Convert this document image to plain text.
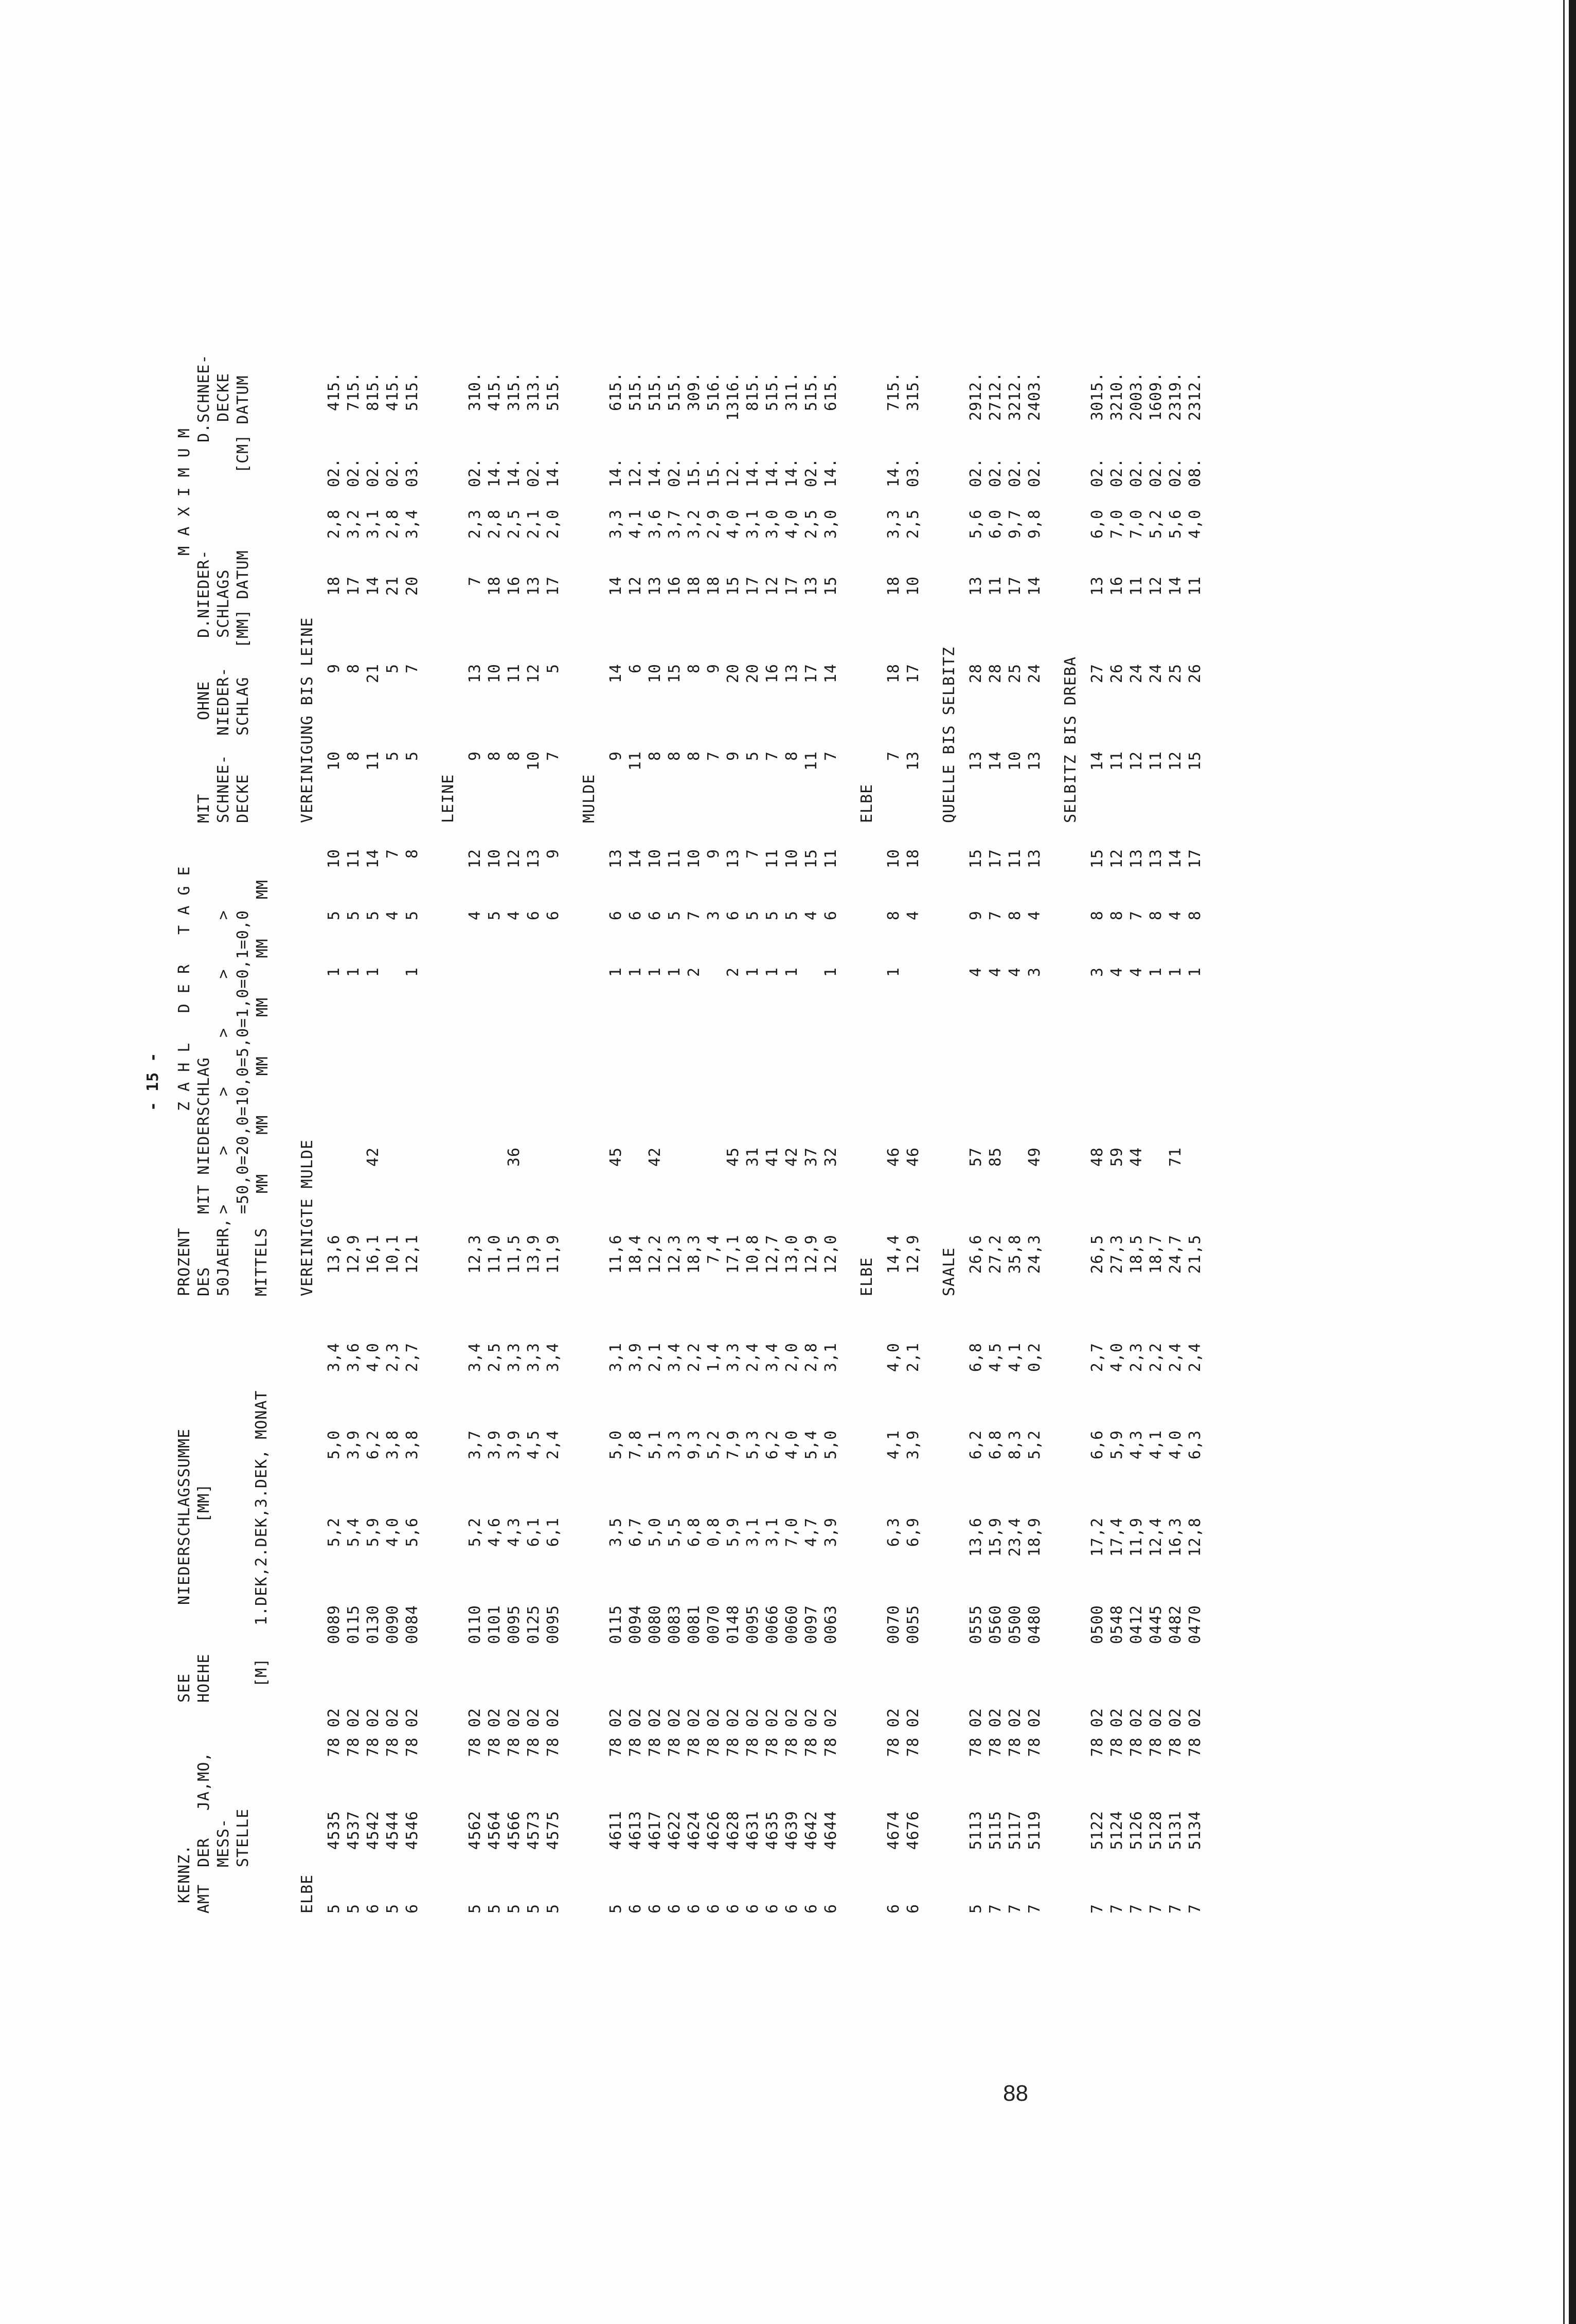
- 15 -
KENNZ. AMT
DER MESS- STELLE
JA,MO,
SEE HOEHE	[M]
NIEDERSCHLAGSSUMME [MM]	1.DEK,2.DEK,3.DEK, MONAT
PROZENT DES 50JAEHR, MITTELS
Z A H L   D E R   T A G E
MIT NIEDERSCHLAG >     >     >     >     >     > =50,0=20,0=10,0=5,0=1,0=0,1=0,0 MM    MM    MM    MM    MM    MM
MIT SCHNEE- DECKE
OHNE NIEDER- SCHLAG
M A X I M U M
D.NIEDER- SCHLAGS [MM] DATUM
D.SCHNEE- DECKE [CM] DATUM
ELBE
VEREINIGTE MULDE
VEREINIGUNG BIS LEINE
5	4535	78 02	0089	5,2	5,0	3,4	13,6				1	5	10	10	9	18	2,8	02.	4	15.
5	4537	78 02	0115	5,4	3,9	3,6	12,9				1	5	11	8	8	17	3,2	02.	7	15.
6	4542	78 02	0130	5,9	6,2	4,0	16,1	42			1	5	14	11	21	14	3,1	02.	8	15.
5	4544	78 02	0090	4,0	3,8	2,3	10,1					4	7	5	5	21	2,8	02.	4	15.
6	4546	78 02	0084	5,6	3,8	2,7	12,1				1	5	8	5	7	20	3,4	03.	5	15.
LEINE
5	4562	78 02	0110	5,2	3,7	3,4	12,3					4	12	9	13	7	2,3	02.	3	10.
5	4564	78 02	0101	4,6	3,9	2,5	11,0					5	10	8	10	18	2,8	14.	4	15.
5	4566	78 02	0095	4,3	3,9	3,3	11,5	36				4	12	8	11	16	2,5	14.	3	15.
5	4573	78 02	0125	6,1	4,5	3,3	13,9					6	13	10	12	13	2,1	02.	3	13.
5	4575	78 02	0095	6,1	2,4	3,4	11,9					6	9	7	5	17	2,0	14.	5	15.
MULDE
5	4611	78 02	0115	3,5	5,0	3,1	11,6	45			1	6	13	9	14	14	3,3	14.	6	15.
6	4613	78 02	0094	6,7	7,8	3,9	18,4				1	6	14	11	6	12	4,1	12.	5	15.
6	4617	78 02	0080	5,0	5,1	2,1	12,2	42			1	6	10	8	10	13	3,6	14.	5	15.
6	4622	78 02	0083	5,5	3,3	3,4	12,3				1	5	11	8	15	16	3,7	02.	5	15.
6	4624	78 02	0081	6,8	9,3	2,2	18,3				2	7	10	8	8	18	3,2	15.	3	09.
6	4626	78 02	0070	0,8	5,2	1,4	7,4					3	9	7	9	18	2,9	15.	5	16.
6	4628	78 02	0148	5,9	7,9	3,3	17,1	45			2	6	13	9	20	15	4,0	12.	13	16.
6	4631	78 02	0095	3,1	5,3	2,4	10,8	31			1	5	7	5	20	17	3,1	14.	8	15.
6	4635	78 02	0066	3,1	6,2	3,4	12,7	41			1	5	11	7	16	12	3,0	14.	5	15.
6	4639	78 02	0060	7,0	4,0	2,0	13,0	42			1	5	10	8	13	17	4,0	14.	3	11.
6	4642	78 02	0097	4,7	5,4	2,8	12,9	37				4	15	11	17	13	2,5	02.	5	15.
6	4644	78 02	0063	3,9	5,0	3,1	12,0	32			1	6	11	7	14	15	3,0	14.	6	15.
ELBE
ELBE
6	4674	78 02	0070	6,3	4,1	4,0	14,4	46			1	8	10	7	18	18	3,3	14.	7	15.
6	4676	78 02	0055	6,9	3,9	2,1	12,9	46				4	18	13	17	10	2,5	03.	3	15.
SAALE
QUELLE BIS SELBITZ
5	5113	78 02	0555	13,6	6,2	6,8	26,6	57			4	9	15	13	28	13	5,6	02.	29	12.
7	5115	78 02	0560	15,9	6,8	4,5	27,2	85			4	7	17	14	28	11	6,0	02.	27	12.
7	5117	78 02	0500	23,4	8,3	4,1	35,8				4	8	11	10	25	17	9,7	02.	32	12.
7	5119	78 02	0480	18,9	5,2	0,2	24,3	49			3	4	13	13	24	14	9,8	02.	24	03.
SELBITZ BIS DREBA
7	5122	78 02	0500	17,2	6,6	2,7	26,5	48			3	8	15	14	27	13	6,0	02.	30	15.
7	5124	78 02	0548	17,4	5,9	4,0	27,3	59			4	8	12	11	26	16	7,0	02.	32	10.
7	5126	78 02	0412	11,9	4,3	2,3	18,5	44			4	7	13	12	24	11	7,0	02.	20	03.
7	5128	78 02	0445	12,4	4,1	2,2	18,7				1	8	13	11	24	12	5,2	02.	16	09.
7	5131	78 02	0482	16,3	4,0	2,4	24,7	71			1	4	14	12	25	14	5,6	02.	23	19.
7	5134	78 02	0470	12,8	6,3	2,4	21,5				1	8	17	15	26	11	4,0	08.	23	12.
88
